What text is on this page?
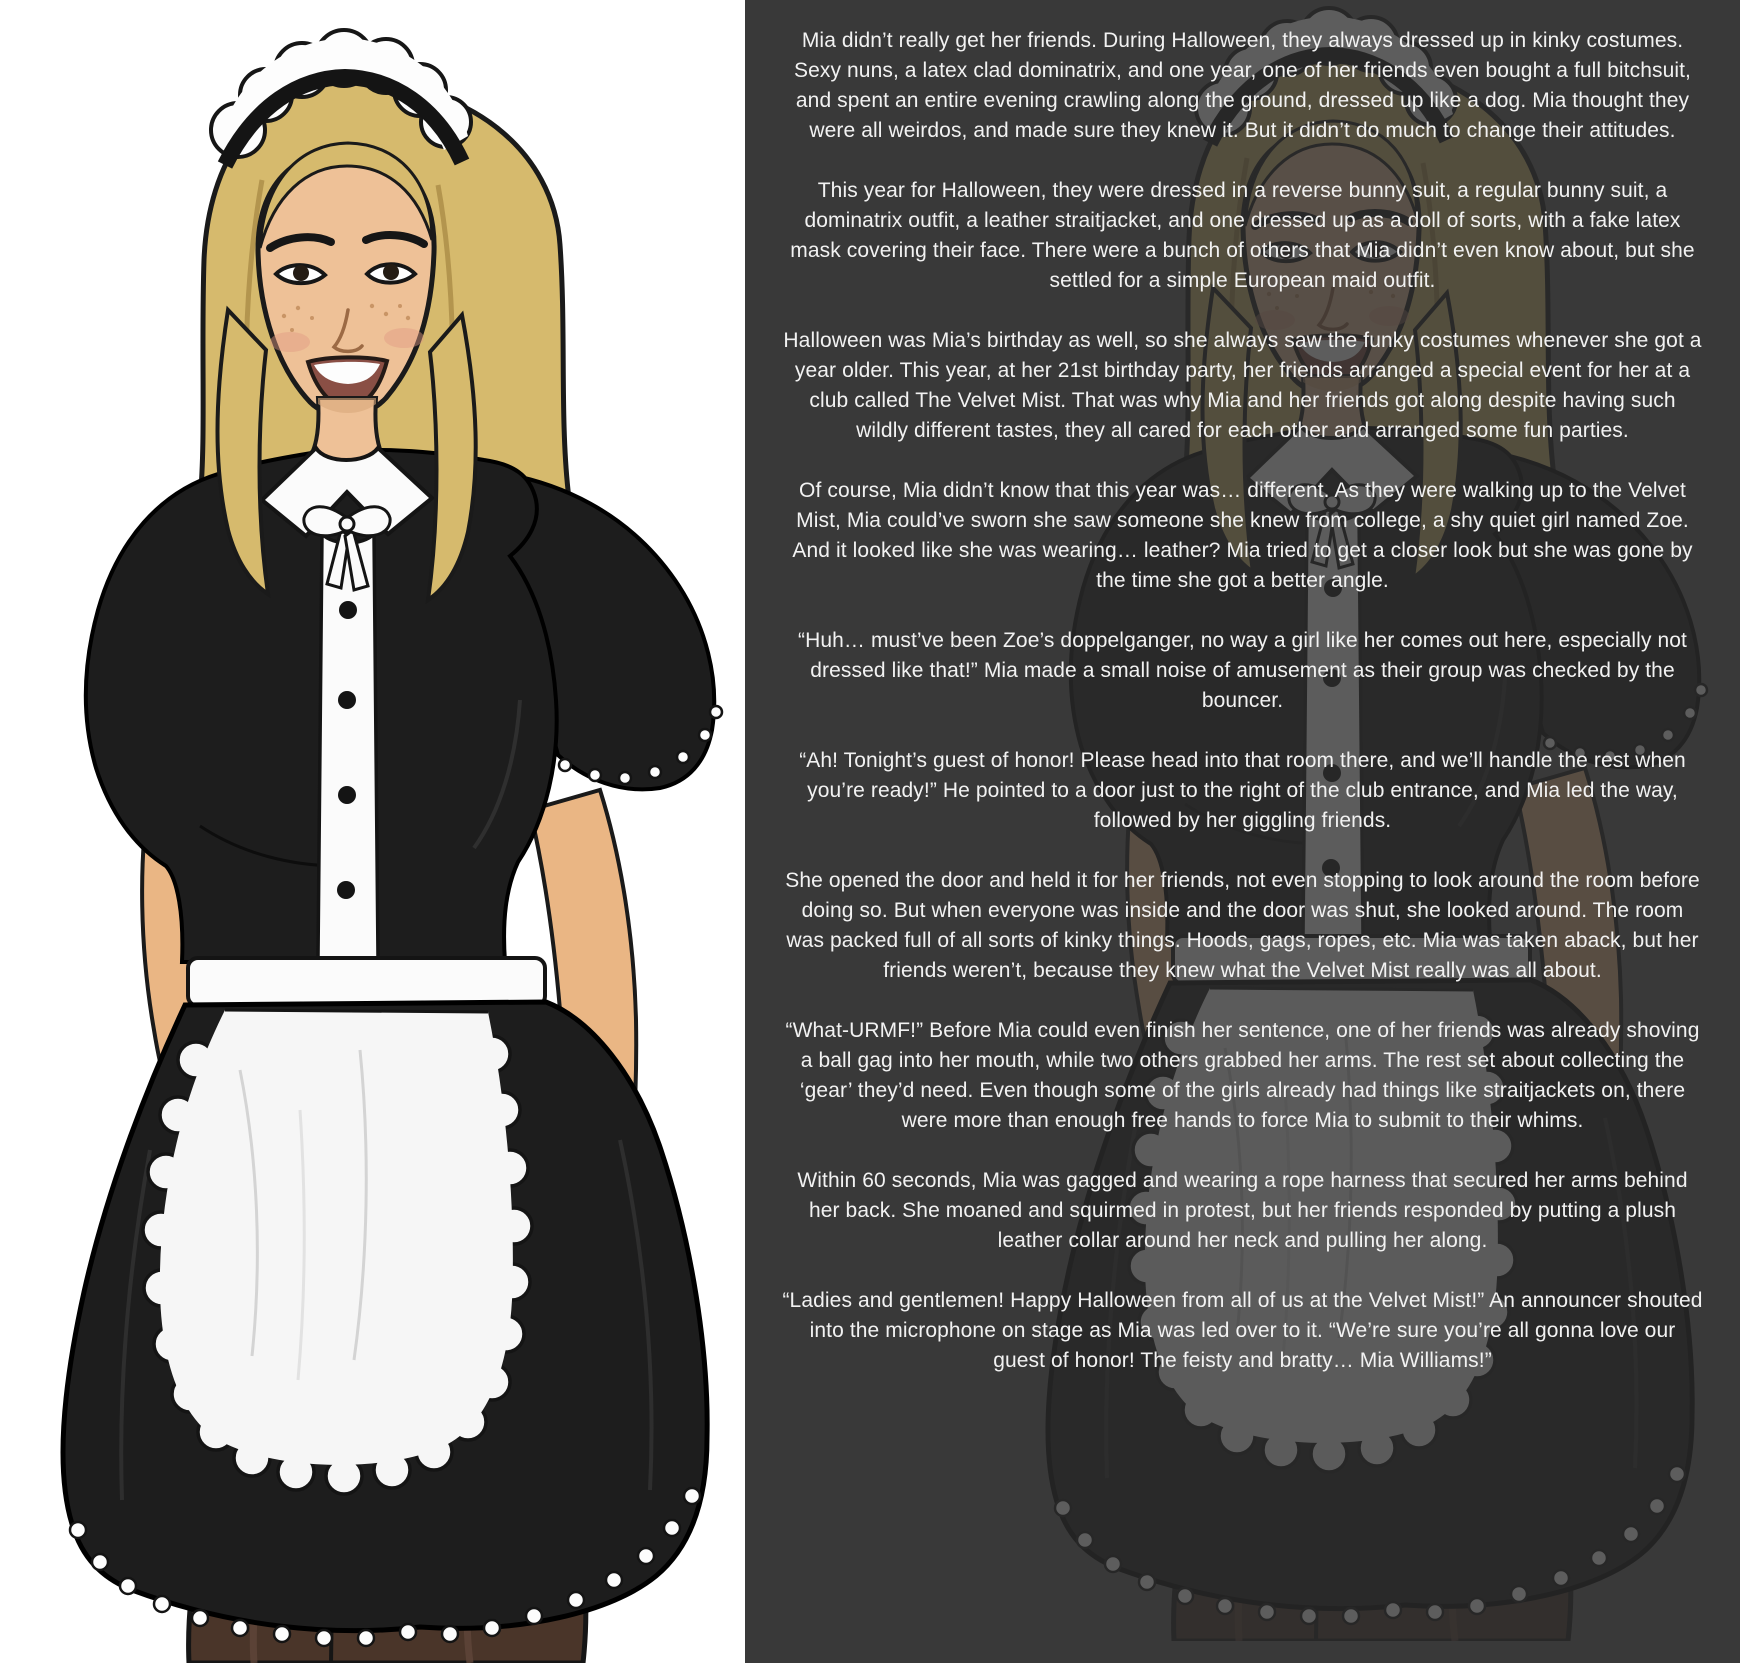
Mia didn’t really get her friends. During Halloween, they always dressed up in kinky costumes. Sexy nuns, a latex clad dominatrix, and one year, one of her friends even bought a full bitchsuit, and spent an entire evening crawling along the ground, dressed up like a dog. Mia thought they were all weirdos, and made sure they knew it. But it didn’t do much to change their attitudes.

This year for Halloween, they were dressed in a reverse bunny suit, a regular bunny suit, a dominatrix outfit, a leather straitjacket, and one dressed up as a doll of sorts, with a fake latex mask covering their face. There were a bunch of others that Mia didn’t even know about, but she settled for a simple European maid outfit.

Halloween was Mia’s birthday as well, so she always saw the funky costumes whenever she got a year older. This year, at her 21st birthday party, her friends arranged a special event for her at a club called The Velvet Mist. That was why Mia and her friends got along despite having such wildly different tastes, they all cared for each other and arranged some fun parties.

Of course, Mia didn’t know that this year was… different. As they were walking up to the Velvet Mist, Mia could’ve sworn she saw someone she knew from college, a shy quiet girl named Zoe. And it looked like she was wearing… leather? Mia tried to get a closer look but she was gone by the time she got a better angle.

“Huh… must’ve been Zoe’s doppelganger, no way a girl like her comes out here, especially not dressed like that!” Mia made a small noise of amusement as their group was checked by the bouncer.

“Ah! Tonight’s guest of honor! Please head into that room there, and we’ll handle the rest when you’re ready!” He pointed to a door just to the right of the club entrance, and Mia led the way, followed by her giggling friends.

She opened the door and held it for her friends, not even stopping to look around the room before doing so. But when everyone was inside and the door was shut, she looked around. The room was packed full of all sorts of kinky things. Hoods, gags, ropes, etc. Mia was taken aback, but her friends weren’t, because they knew what the Velvet Mist really was all about.

“What-URMF!” Before Mia could even finish her sentence, one of her friends was already shoving a ball gag into her mouth, while two others grabbed her arms. The rest set about collecting the ‘gear’ they’d need. Even though some of the girls already had things like straitjackets on, there were more than enough free hands to force Mia to submit to their whims.

Within 60 seconds, Mia was gagged and wearing a rope harness that secured her arms behind her back. She moaned and squirmed in protest, but her friends responded by putting a plush leather collar around her neck and pulling her along.

“Ladies and gentlemen! Happy Halloween from all of us at the Velvet Mist!” An announcer shouted into the microphone on stage as Mia was led over to it. “We’re sure you’re all gonna love our guest of honor! The feisty and bratty… Mia Williams!”
